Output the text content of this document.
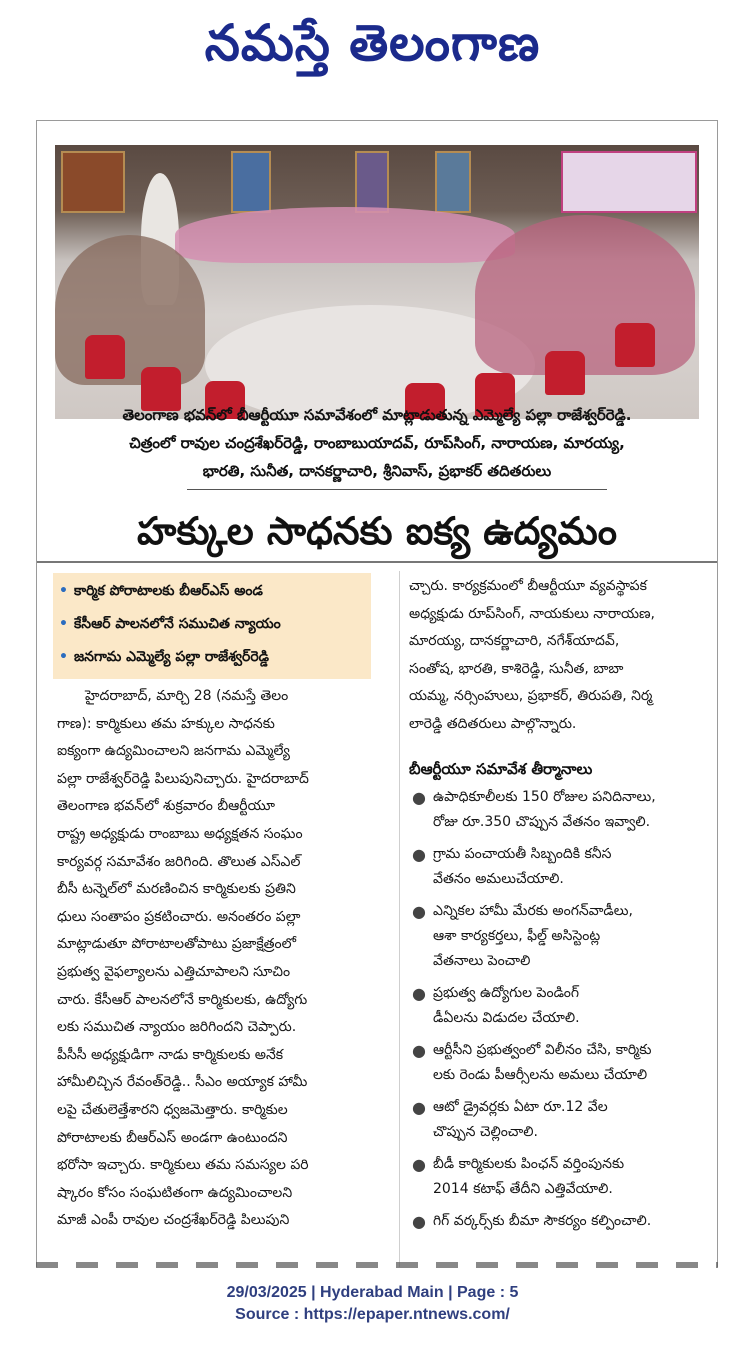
నమస్తే తెలంగాణ
తెలంగాణ భవన్‌లో బీఆర్టీయూ సమావేశంలో మాట్లాడుతున్న ఎమ్మెల్యే పల్లా రాజేశ్వర్‌రెడ్డి.
చిత్రంలో రావుల చంద్రశేఖర్‌రెడ్డి, రాంబాబుయాదవ్, రూప్‌సింగ్, నారాయణ, మారయ్య,
భారతి, సునీత, దానకర్ణాచారి, శ్రీనివాస్, ప్రభాకర్ తదితరులు
హక్కుల సాధనకు ఐక్య ఉద్యమం
• కార్మిక పోరాటాలకు బీఆర్‌ఎస్ అండ
• కేసీఆర్ పాలనలోనే సముచిత న్యాయం
• జనగామ ఎమ్మెల్యే పల్లా రాజేశ్వర్‌రెడ్డి
హైదరాబాద్, మార్చి 28 (నమస్తే తెలం
గాణ): కార్మికులు తమ హక్కుల సాధనకు
ఐక్యంగా ఉద్యమించాలని జనగామ ఎమ్మెల్యే
పల్లా రాజేశ్వర్‌రెడ్డి పిలుపునిచ్చారు. హైదరాబాద్
తెలంగాణ భవన్‌లో శుక్రవారం బీఆర్టీయూ
రాష్ట్ర అధ్యక్షుడు రాంబాబు అధ్యక్షతన సంఘం
కార్యవర్గ సమావేశం జరిగింది. తొలుత ఎస్‌ఎల్
బీసీ టన్నెల్‌లో మరణించిన కార్మికులకు ప్రతిని
ధులు సంతాపం ప్రకటించారు. అనంతరం పల్లా
మాట్లాడుతూ పోరాటాలతోపాటు ప్రజాక్షేత్రంలో
ప్రభుత్వ వైఫల్యాలను ఎత్తిచూపాలని సూచిం
చారు. కేసీఆర్ పాలనలోనే కార్మికులకు, ఉద్యోగు
లకు సముచిత న్యాయం జరిగిందని చెప్పారు.
పీసీసీ అధ్యక్షుడిగా నాడు కార్మికులకు అనేక
హామీలిచ్చిన రేవంత్‌రెడ్డి.. సీఎం అయ్యాక హామీ
లపై చేతులెత్తేశారని ధ్వజమెత్తారు. కార్మికుల
పోరాటాలకు బీఆర్‌ఎస్ అండగా ఉంటుందని
భరోసా ఇచ్చారు. కార్మికులు తమ సమస్యల పరి
ష్కారం కోసం సంఘటితంగా ఉద్యమించాలని
మాజీ ఎంపీ రావుల చంద్రశేఖర్‌రెడ్డి పిలుపుని
చ్చారు. కార్యక్రమంలో బీఆర్టీయూ వ్యవస్థాపక
అధ్యక్షుడు రూప్‌సింగ్, నాయకులు నారాయణ,
మారయ్య, దానకర్ణాచారి, నగేశ్‌యాదవ్,
సంతోష, భారతి, కాశిరెడ్డి, సునీత, బాబా
యమ్మ, నర్సింహులు, ప్రభాకర్, తిరుపతి, నిర్మ
లారెడ్డి తదితరులు పాల్గొన్నారు.
బీఆర్టీయూ సమావేశ తీర్మానాలు
● ఉపాధికూలీలకు 150 రోజుల పనిదినాలు,
రోజు రూ.350 చొప్పున వేతనం ఇవ్వాలి.
● గ్రామ పంచాయతీ సిబ్బందికి కనీస
వేతనం అమలుచేయాలి.
● ఎన్నికల హామీ మేరకు అంగన్‌వాడీలు,
ఆశా కార్యకర్తలు, ఫీల్డ్ అసిస్టెంట్ల
వేతనాలు పెంచాలి
● ప్రభుత్వ ఉద్యోగుల పెండింగ్
డీఏలను విడుదల చేయాలి.
● ఆర్టీసీని ప్రభుత్వంలో విలీనం చేసి, కార్మికు
లకు రెండు పీఆర్సీలను అమలు చేయాలి
● ఆటో డ్రైవర్లకు ఏటా రూ.12 వేల
చొప్పున చెల్లించాలి.
● బీడీ కార్మికులకు పింఛన్ వర్తింపునకు
2014 కటాఫ్ తేదీని ఎత్తివేయాలి.
● గిగ్ వర్కర్స్‌కు బీమా సౌకర్యం కల్పించాలి.
29/03/2025 | Hyderabad Main | Page : 5
Source : https://epaper.ntnews.com/
